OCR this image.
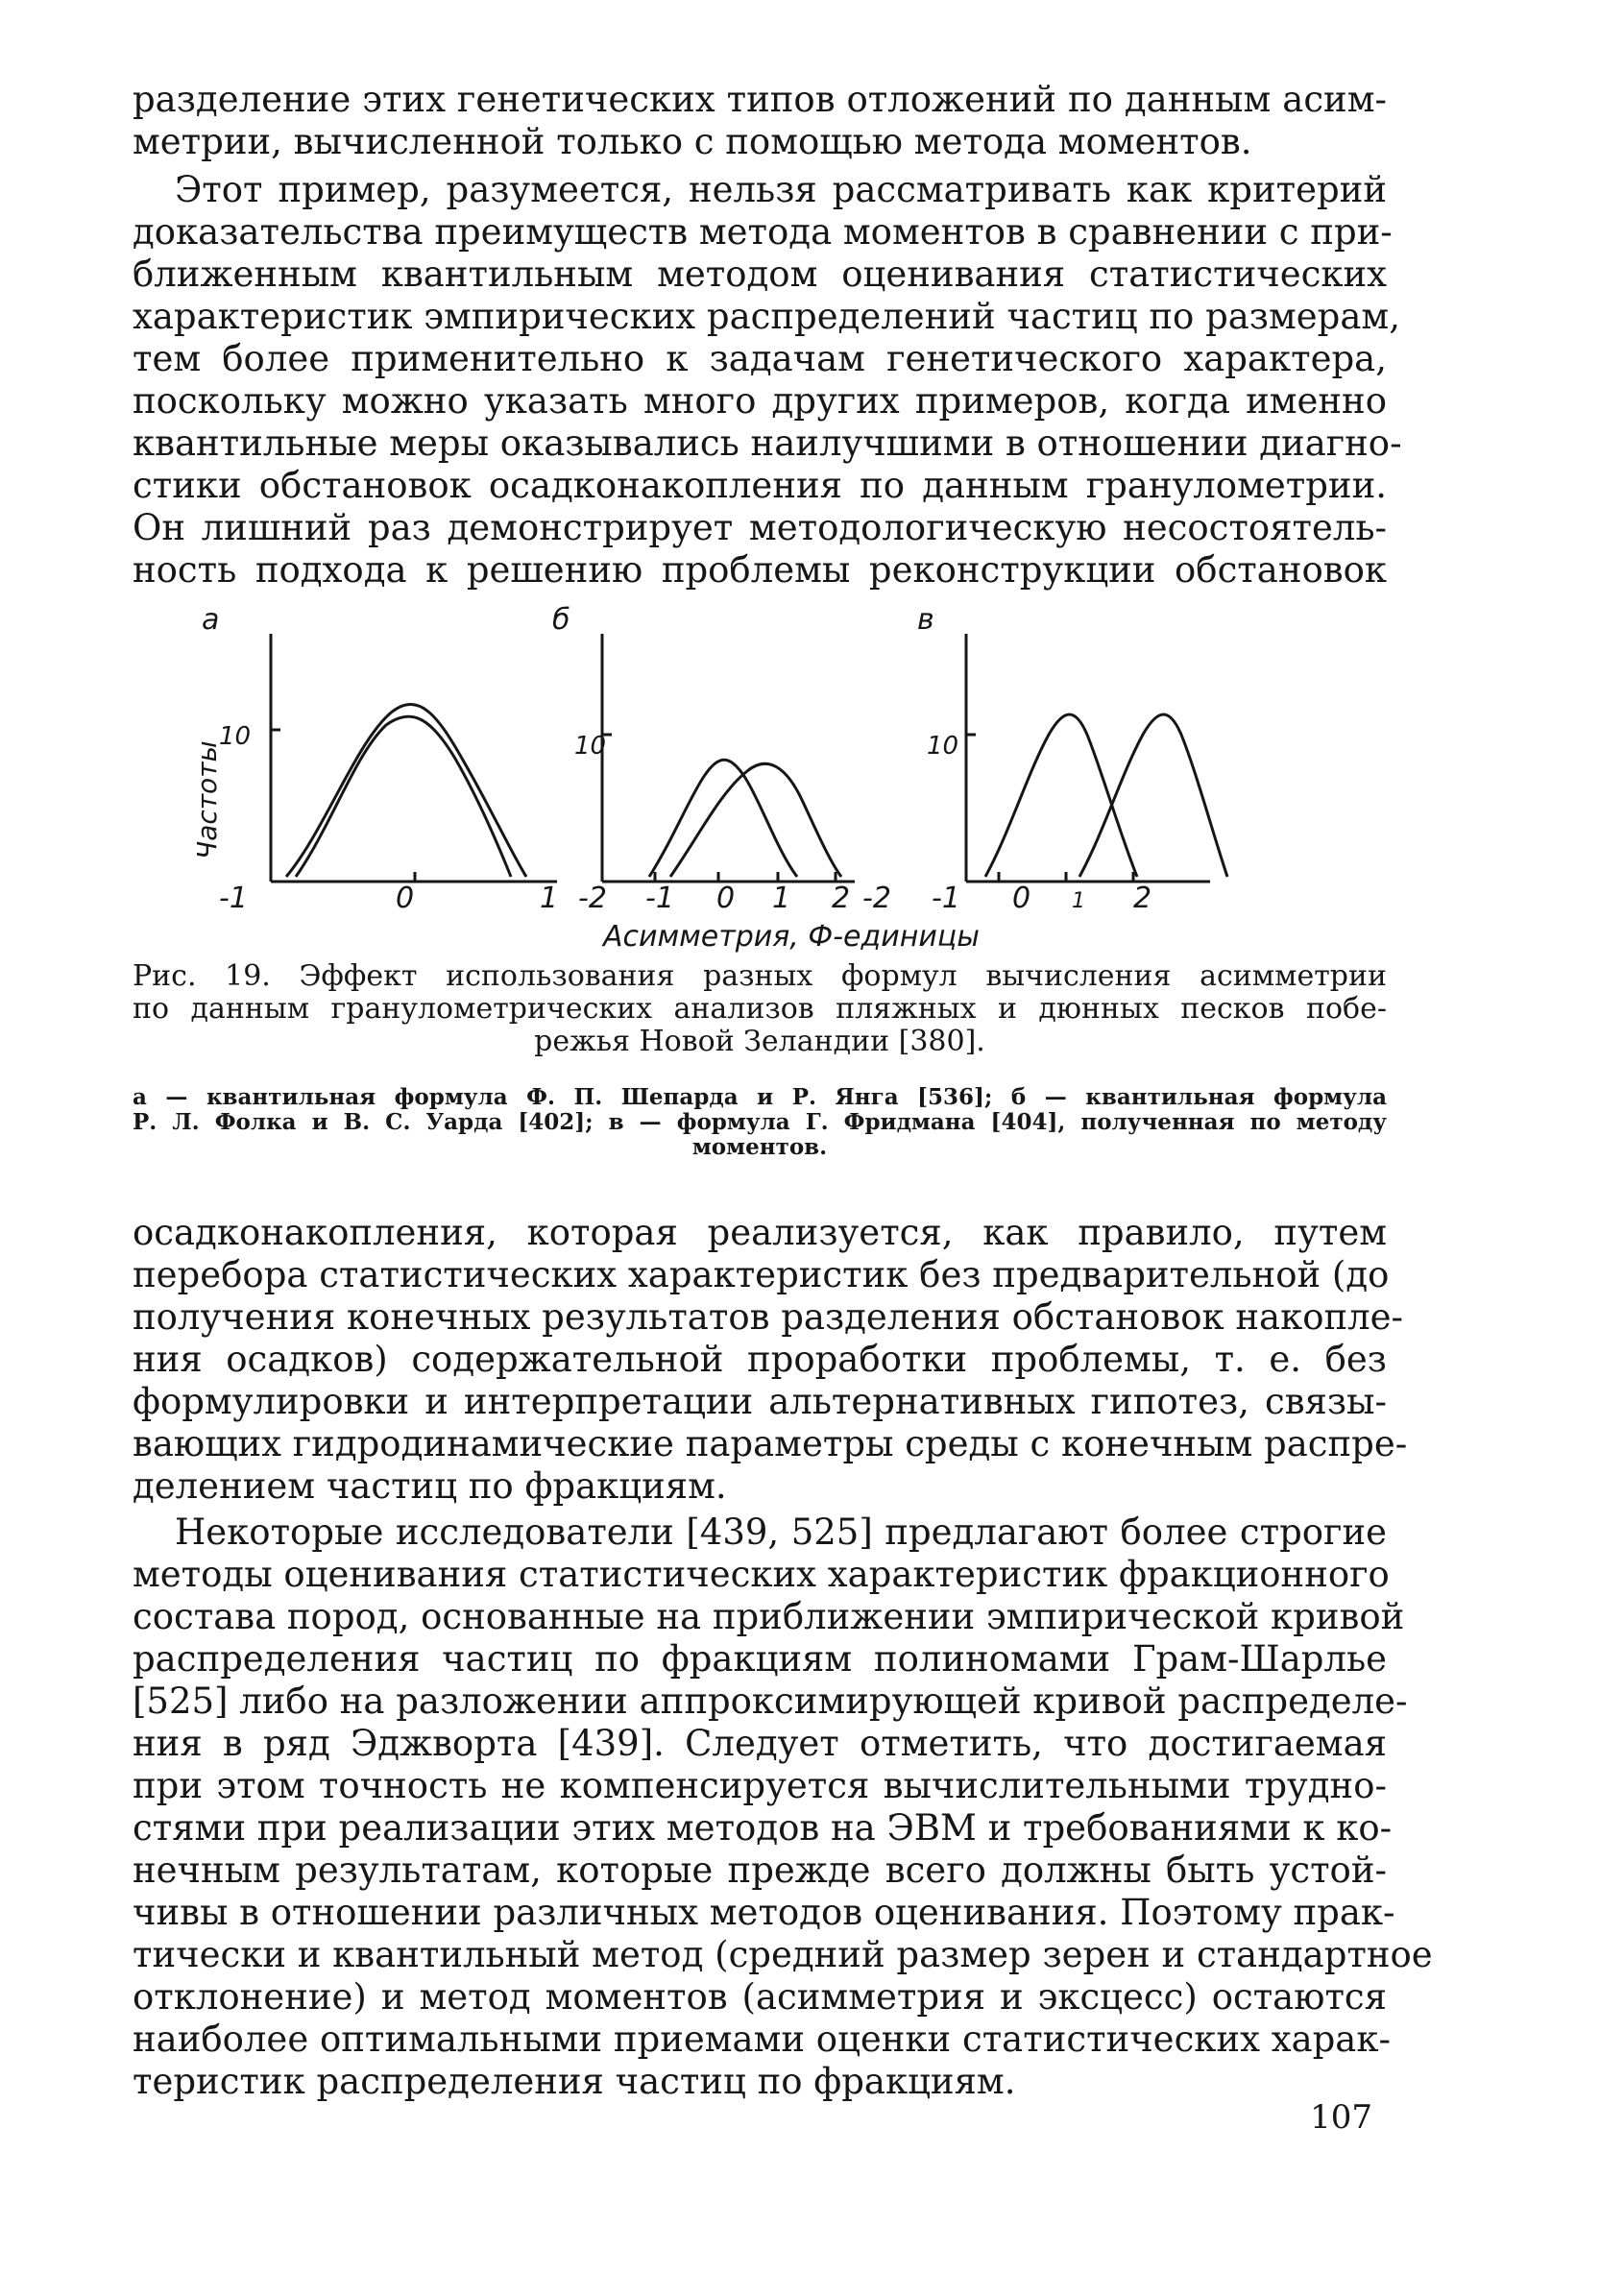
разделение этих генетических типов отложений по данным асим-
метрии, вычисленной только с помощью метода моментов.
Этот пример, разумеется, нельзя рассматривать как критерий
доказательства преимуществ метода моментов в сравнении с при-
ближенным квантильным методом оценивания статистических
характеристик эмпирических распределений частиц по размерам,
тем более применительно к задачам генетического характера,
поскольку можно указать много других примеров, когда именно
квантильные меры оказывались наилучшими в отношении диагно-
стики обстановок осадконакопления по данным гранулометрии.
Он лишний раз демонстрирует методологическую несостоятель-
ность подхода к решению проблемы реконструкции обстановок
а	б	в
Частоты
10	10	10
-1	0	1 -2 -1 0 1 2 -2 -1 0 1 2
Асимметрия, Ф-единицы
Рис. 19. Эффект использования разных формул вычисления асимметрии
по данным гранулометрических анализов пляжных и дюнных песков побе-
режья Новой Зеландии [380].
а — квантильная формула Ф. П. Шепарда и Р. Янга [536]; б — квантильная формула
Р. Л. Фолка и В. С. Уарда [402]; в — формула Г. Фридмана [404], полученная по методу
моментов.
осадконакопления, которая реализуется, как правило, путем
перебора статистических характеристик без предварительной (до
получения конечных результатов разделения обстановок накопле-
ния осадков) содержательной проработки проблемы, т. е. без
формулировки и интерпретации альтернативных гипотез, связы-
вающих гидродинамические параметры среды с конечным распре-
делением частиц по фракциям.
Некоторые исследователи [439, 525] предлагают более строгие
методы оценивания статистических характеристик фракционного
состава пород, основанные на приближении эмпирической кривой
распределения частиц по фракциям полиномами Грам-Шарлье
[525] либо на разложении аппроксимирующей кривой распределе-
ния в ряд Эджворта [439]. Следует отметить, что достигаемая
при этом точность не компенсируется вычислительными трудно-
стями при реализации этих методов на ЭВМ и требованиями к ко-
нечным результатам, которые прежде всего должны быть устой-
чивы в отношении различных методов оценивания. Поэтому прак-
тически и квантильный метод (средний размер зерен и стандартное
отклонение) и метод моментов (асимметрия и эксцесс) остаются
наиболее оптимальными приемами оценки статистических харак-
теристик распределения частиц по фракциям.
107
